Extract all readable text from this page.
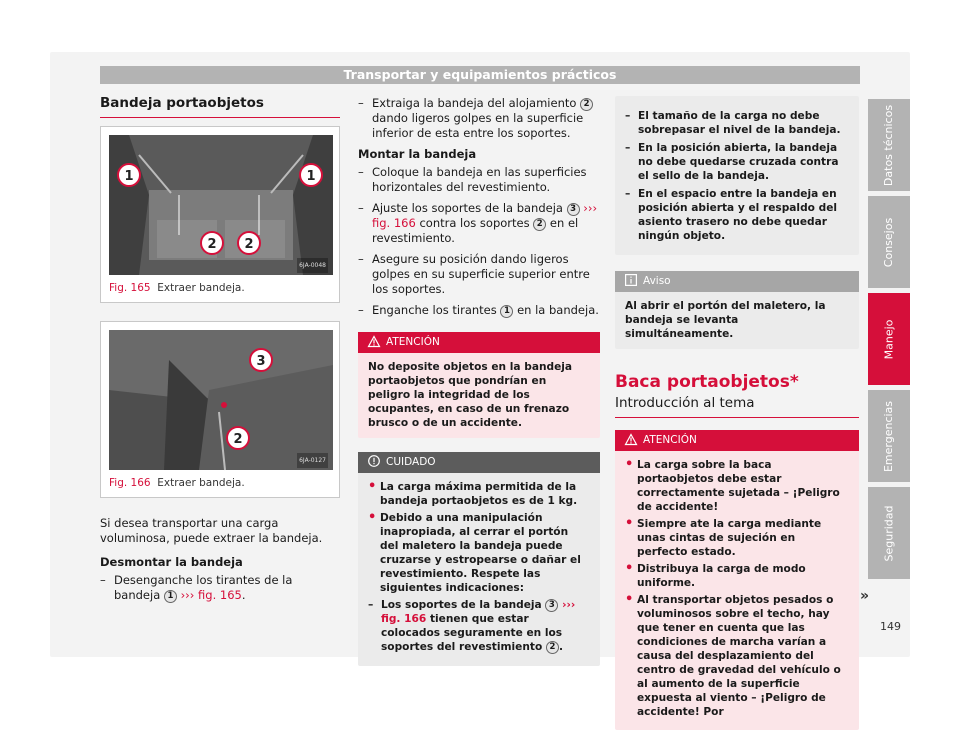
Transportar y equipamientos prácticos
Bandeja portaobjetos
1	1
2 2
6JA-0048
Fig. 165 Extraer bandeja.
3
2
6JA-0127
Fig. 166 Extraer bandeja.

Si desea transportar una carga voluminosa, puede extraer la bandeja.

Desmontar la bandeja
– Desenganche los tirantes de la bandeja 1 ››› fig. 165.
– Extraiga la bandeja del alojamiento 2 dando ligeros golpes en la superficie inferior de esta entre los soportes.
Montar la bandeja
– Coloque la bandeja en las superficies horizontales del revestimiento.
– Ajuste los soportes de la bandeja 3 ››› fig. 166 contra los soportes 2 en el revestimiento.
– Asegure su posición dando ligeros golpes en su superficie superior entre los soportes.
– Enganche los tirantes 1 en la bandeja.
ATENCIÓN
No deposite objetos en la bandeja portaobjetos que pondrían en peligro la integridad de los ocupantes, en caso de un frenazo brusco o de un accidente.
CUIDADO
• La carga máxima permitida de la bandeja portaobjetos es de 1 kg.
• Debido a una manipulación inapropiada, al cerrar el portón del maletero la bandeja puede cruzarse y estropearse o dañar el revestimiento. Respete las siguientes indicaciones:
– Los soportes de la bandeja 3 ››› fig. 166 tienen que estar colocados seguramente en los soportes del revestimiento 2 .
– El tamaño de la carga no debe sobrepasar el nivel de la bandeja.
– En la posición abierta, la bandeja no debe quedarse cruzada contra el sello de la bandeja.
– En el espacio entre la bandeja en posición abierta y el respaldo del asiento trasero no debe quedar ningún objeto.
Aviso
Al abrir el portón del maletero, la bandeja se levanta simultáneamente.
Baca portaobjetos*
Introducción al tema
ATENCIÓN
• La carga sobre la baca portaobjetos debe estar correctamente sujetada – ¡Peligro de accidente!
• Siempre ate la carga mediante unas cintas de sujeción en perfecto estado.
• Distribuya la carga de modo uniforme.
• Al transportar objetos pesados o voluminosos sobre el techo, hay que tener en cuenta que las condiciones de marcha varían a causa del desplazamiento del centro de gravedad del vehículo o al aumento de la superficie expuesta al viento – ¡Peligro de accidente! Por
»
Datos técnicos
Consejos
Manejo
Emergencias
Seguridad
149
